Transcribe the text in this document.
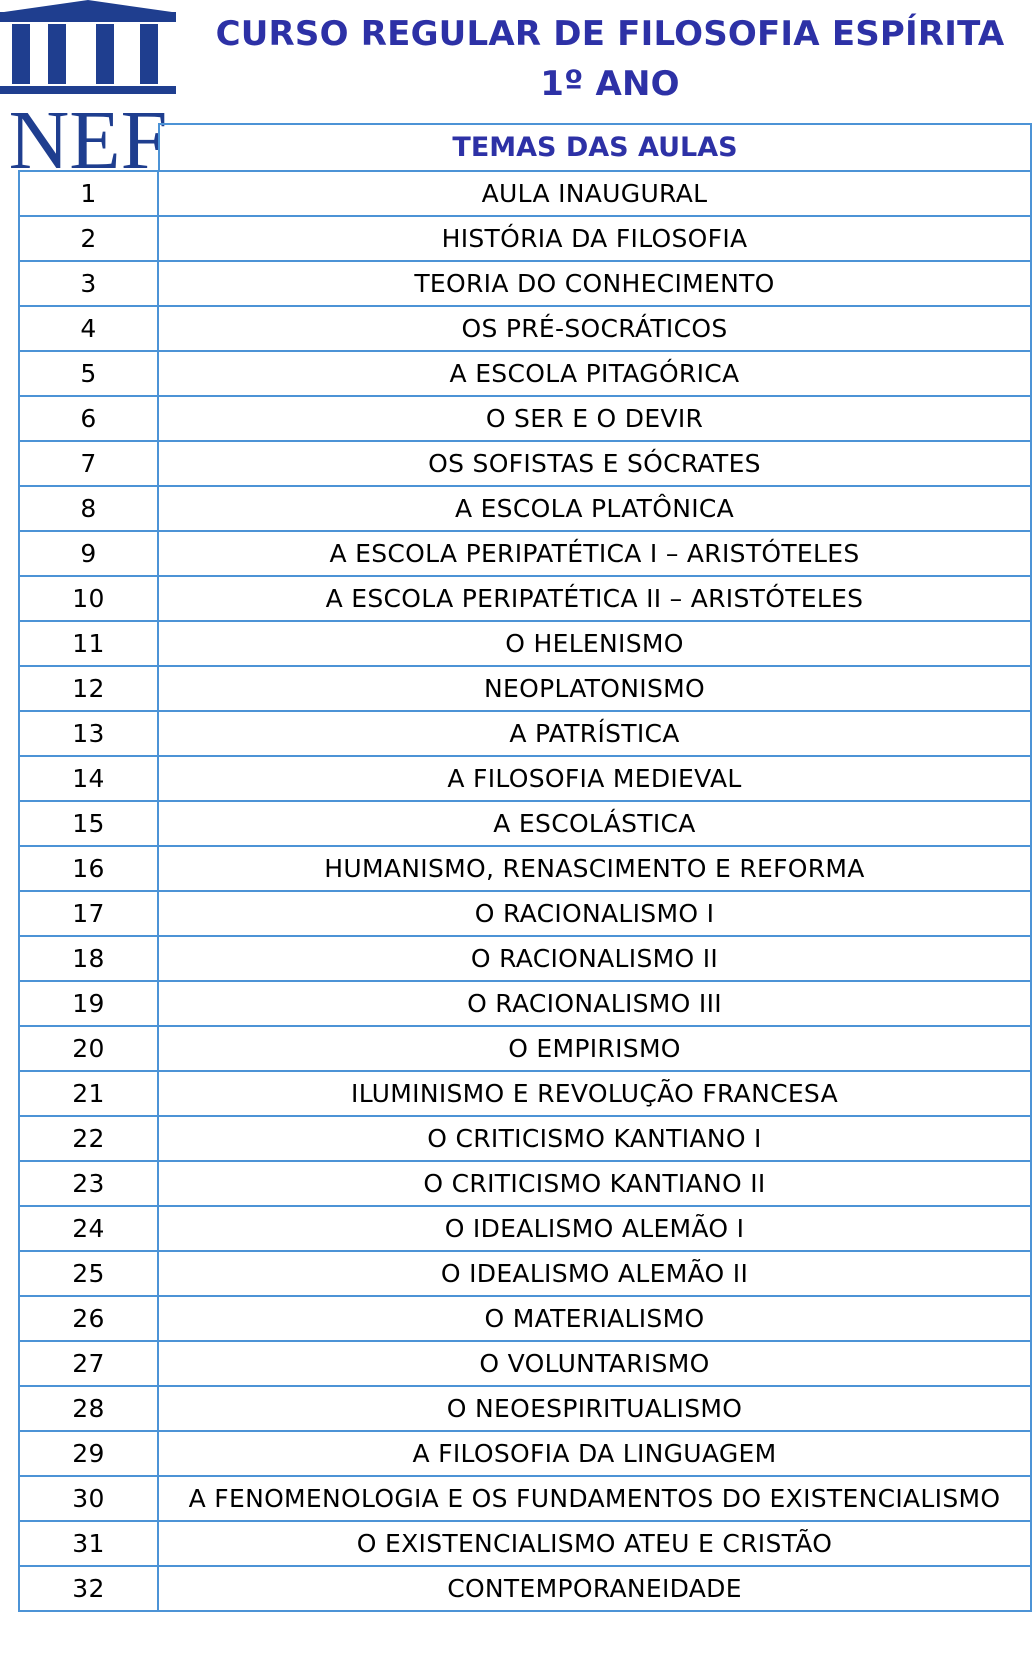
NEF
CURSO REGULAR DE FILOSOFIA ESPÍRITA
1º ANO
TEMAS DAS AULAS
1	AULA INAUGURAL
2	HISTÓRIA DA FILOSOFIA
3	TEORIA DO CONHECIMENTO
4	OS PRÉ-SOCRÁTICOS
5	A ESCOLA PITAGÓRICA
6	O SER E O DEVIR
7	OS SOFISTAS E SÓCRATES
8	A ESCOLA PLATÔNICA
9	A ESCOLA PERIPATÉTICA I – ARISTÓTELES
10	A ESCOLA PERIPATÉTICA II – ARISTÓTELES
11	O HELENISMO
12	NEOPLATONISMO
13	A PATRÍSTICA
14	A FILOSOFIA MEDIEVAL
15	A ESCOLÁSTICA
16	HUMANISMO, RENASCIMENTO E REFORMA
17	O RACIONALISMO I
18	O RACIONALISMO II
19	O RACIONALISMO III
20	O EMPIRISMO
21	ILUMINISMO E REVOLUÇÃO FRANCESA
22	O CRITICISMO KANTIANO I
23	O CRITICISMO KANTIANO II
24	O IDEALISMO ALEMÃO I
25	O IDEALISMO ALEMÃO II
26	O MATERIALISMO
27	O VOLUNTARISMO
28	O NEOESPIRITUALISMO
29	A FILOSOFIA DA LINGUAGEM
30	A FENOMENOLOGIA E OS FUNDAMENTOS DO EXISTENCIALISMO
31	O EXISTENCIALISMO ATEU E CRISTÃO
32	CONTEMPORANEIDADE
